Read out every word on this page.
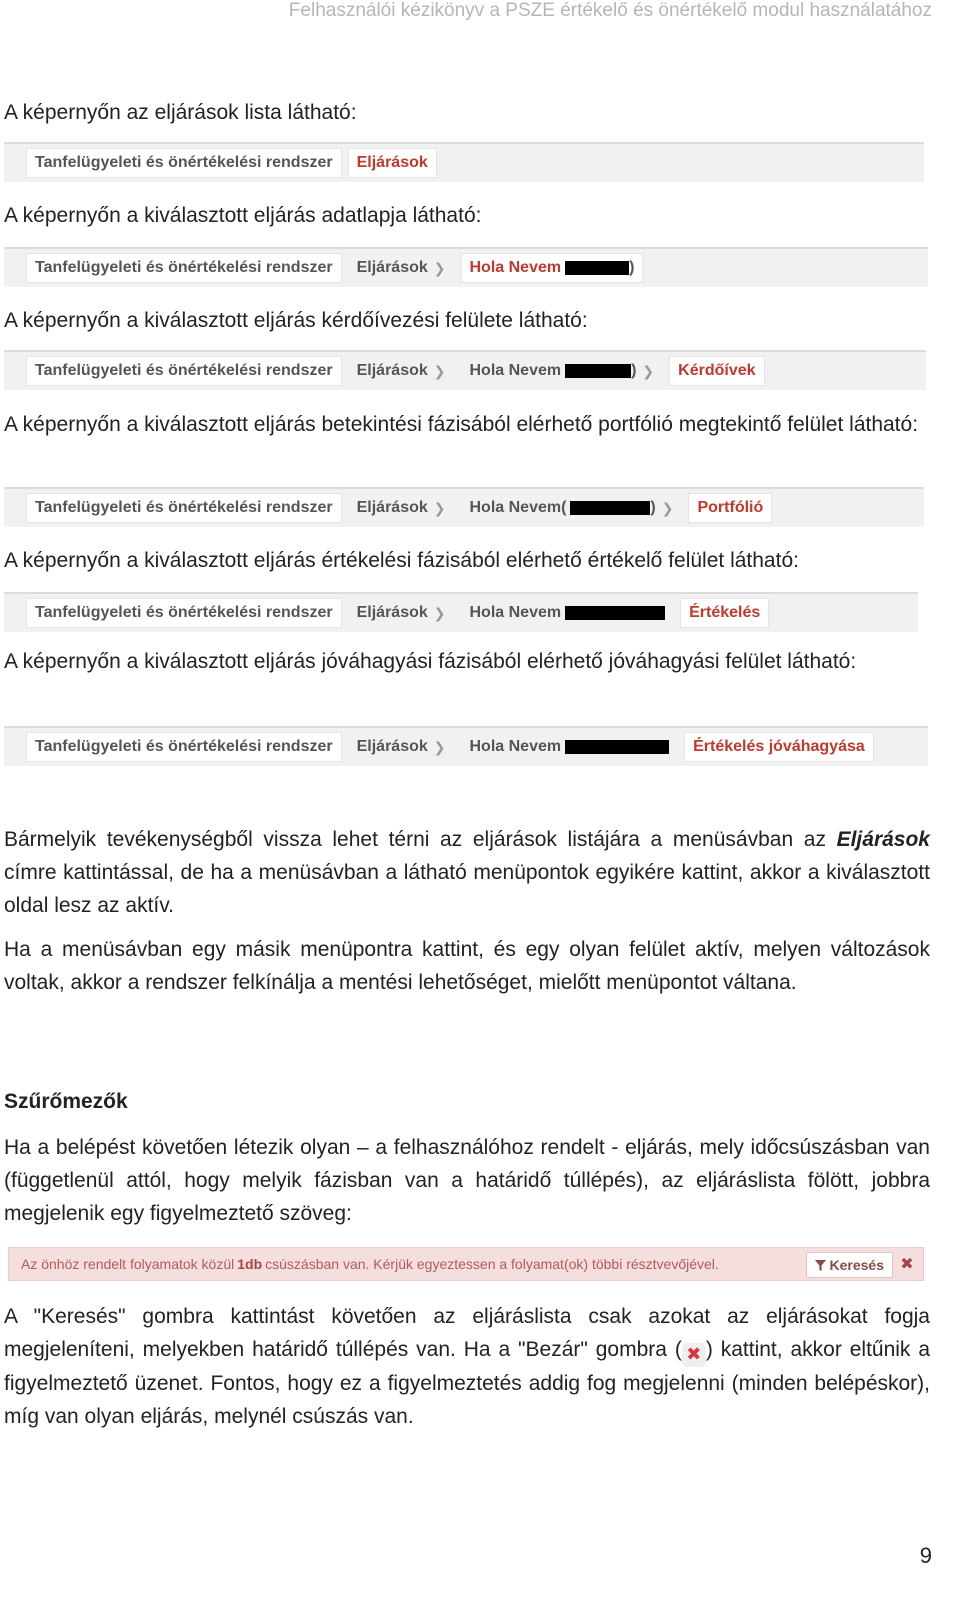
Felhasználói kézikönyv a PSZE értékelő és önértékelő modul használatához

A képernyőn az eljárások lista látható:

Tanfelügyeleti és önértékelési rendszer	Eljárások

A képernyőn a kiválasztott eljárás adatlapja látható:

Tanfelügyeleti és önértékelési rendszer	Eljárások ❯ Hola Nevem	)

A képernyőn a kiválasztott eljárás kérdőívezési felülete látható:

Tanfelügyeleti és önértékelési rendszer	Eljárások ❯ Hola Nevem	) ❯	Kérdőívek

A képernyőn a kiválasztott eljárás betekintési fázisából elérhető portfólió megtekintő felület látható:

Tanfelügyeleti és önértékelési rendszer	Eljárások ❯ Hola Nevem (	) ❯	Portfólió

A képernyőn a kiválasztott eljárás értékelési fázisából elérhető értékelő felület látható:

Tanfelügyeleti és önértékelési rendszer	Eljárások ❯ Hola Nevem	Értékelés

A képernyőn a kiválasztott eljárás jóváhagyási fázisából elérhető jóváhagyási felület látható:

Tanfelügyeleti és önértékelési rendszer	Eljárások ❯ Hola Nevem	Értékelés jóváhagyása

Bármelyik tevékenységből vissza lehet térni az eljárások listájára a menüsávban az Eljárások címre kattintással, de ha a menüsávban a látható menüpontok egyikére kattint, akkor a kiválasztott oldal lesz az aktív.

Ha a menüsávban egy másik menüpontra kattint, és egy olyan felület aktív, melyen változások voltak, akkor a rendszer felkínálja a mentési lehetőséget, mielőtt menüpontot váltana.

Szűrőmezők

Ha a belépést követően létezik olyan – a felhasználóhoz rendelt - eljárás, mely időcsúszásban van (függetlenül attól, hogy melyik fázisban van a határidő túllépés), az eljáráslista fölött, jobbra megjelenik egy figyelmeztető szöveg:

Az önhöz rendelt folyamatok közül 1db csúszásban van. Kérjük egyeztessen a folyamat(ok) többi résztvevőjével.	Keresés ✖

A "Keresés" gombra kattintást követően az eljáráslista csak azokat az eljárásokat fogja megjeleníteni, melyekben határidő túllépés van. Ha a "Bezár" gombra ( ✖ ) kattint, akkor eltűnik a figyelmeztető üzenet. Fontos, hogy ez a figyelmeztetés addig fog megjelenni (minden belépéskor), míg van olyan eljárás, melynél csúszás van.

9
